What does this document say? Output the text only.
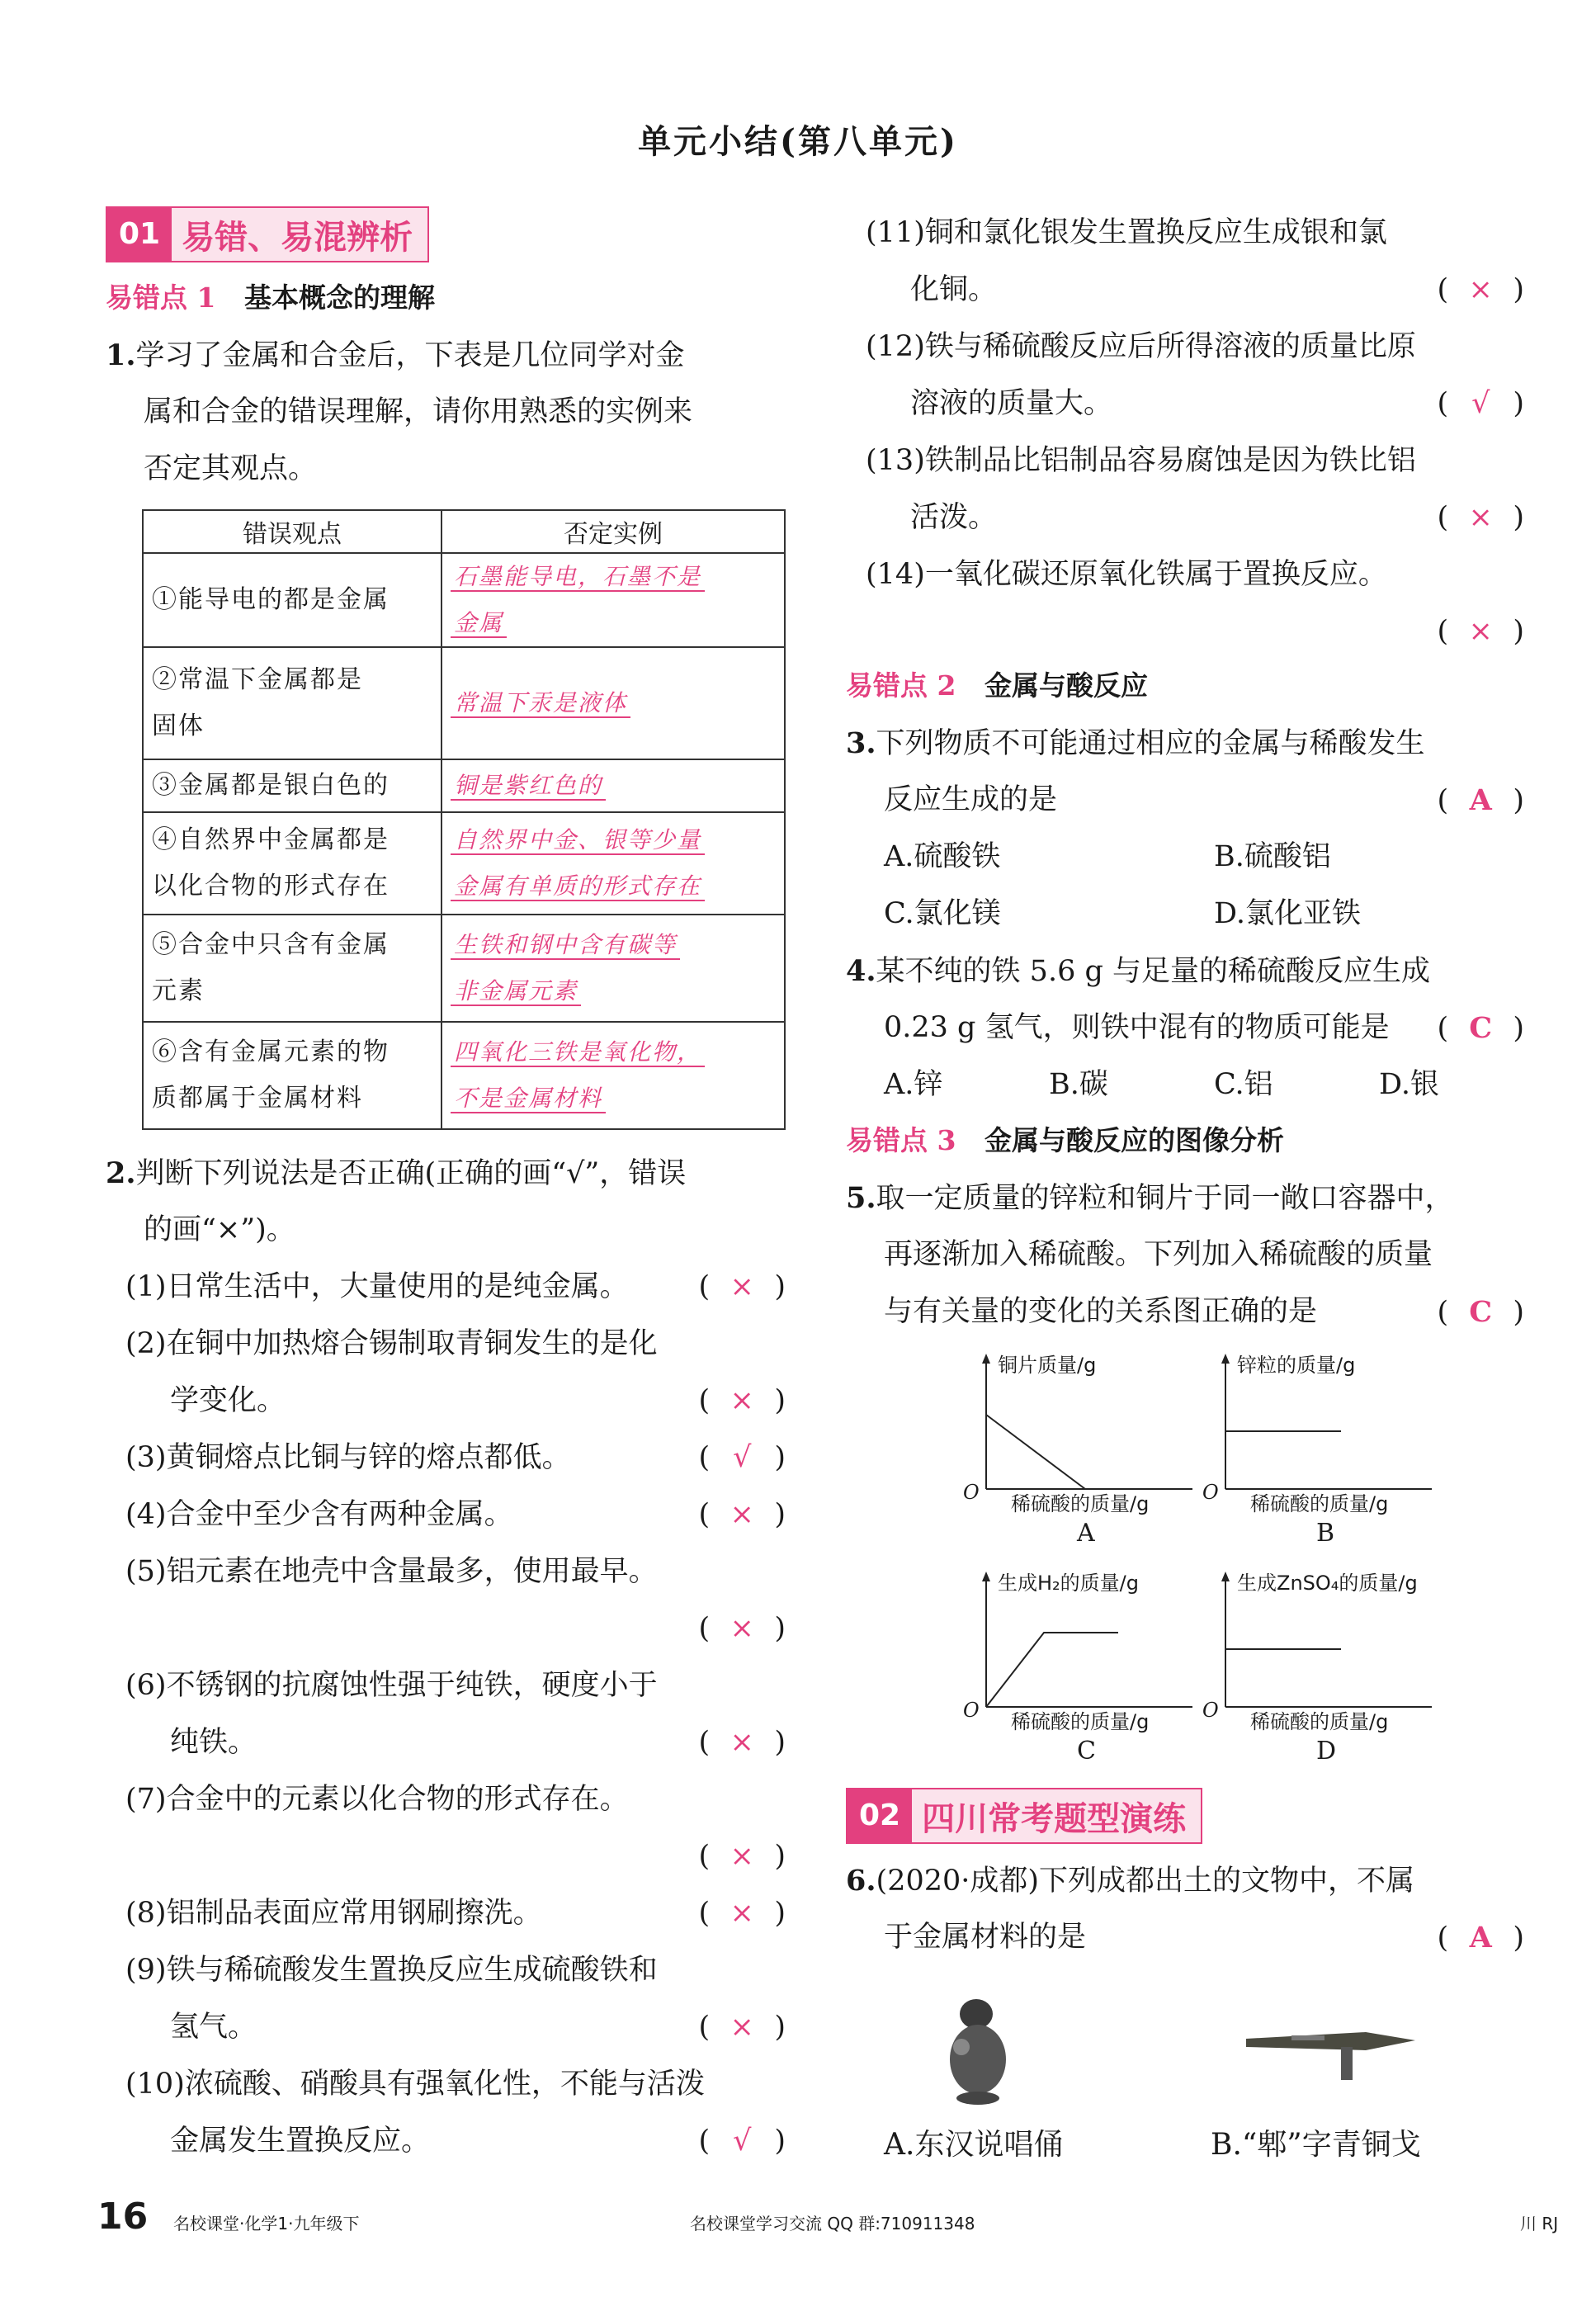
单元小结(第八单元)
01 易错、易混辨析
易错点 1 基本概念的理解
1.学习了金属和合金后，下表是几位同学对金
属和合金的错误理解，请你用熟悉的实例来
否定其观点。
错误观点	否定实例
①能导电的都是金属	石墨能导电，石墨不是
金属
②常温下金属都是
固体	常温下汞是液体
③金属都是银白色的	铜是紫红色的
④自然界中金属都是
以化合物的形式存在	自然界中金、银等少量
金属有单质的形式存在
⑤合金中只含有金属
元素	生铁和钢中含有碳等
非金属元素
⑥含有金属元素的物
质都属于金属材料	四氧化三铁是氧化物，
不是金属材料
2.判断下列说法是否正确(正确的画“√”，错误
的画“×”)。
(1)日常生活中，大量使用的是纯金属。 ( × )
(2)在铜中加热熔合锡制取青铜发生的是化
学变化。	( × )
(3)黄铜熔点比铜与锌的熔点都低。	( √ )
(4)合金中至少含有两种金属。	( × )
(5)铝元素在地壳中含量最多，使用最早。
( × )
(6)不锈钢的抗腐蚀性强于纯铁，硬度小于
纯铁。	( × )
(7)合金中的元素以化合物的形式存在。
( × )
(8)铝制品表面应常用钢刷擦洗。	( × )
(9)铁与稀硫酸发生置换反应生成硫酸铁和
氢气。	( × )
(10)浓硫酸、硝酸具有强氧化性，不能与活泼
金属发生置换反应。	( √ )
(11)铜和氯化银发生置换反应生成银和氯
化铜。	( × )
(12)铁与稀硫酸反应后所得溶液的质量比原
溶液的质量大。	( √ )
(13)铁制品比铝制品容易腐蚀是因为铁比铝
活泼。	( × )
(14)一氧化碳还原氧化铁属于置换反应。
( × )
易错点 2 金属与酸反应
3.下列物质不可能通过相应的金属与稀酸发生
反应生成的是	( A )
A.硫酸铁	B.硫酸铝
C.氯化镁	D.氯化亚铁
4.某不纯的铁 5.6 g 与足量的稀硫酸反应生成
0.23 g 氢气，则铁中混有的物质可能是 ( C )
A.锌	B.碳	C.铝	D.银
易错点 3 金属与酸反应的图像分析
5.取一定质量的锌粒和铜片于同一敞口容器中，
再逐渐加入稀硫酸。下列加入稀硫酸的质量
与有关量的变化的关系图正确的是	( C )
铜片质量/g
稀硫酸的质量/g
O
A
锌粒的质量/g
稀硫酸的质量/g
O
B
生成H₂的质量/g
稀硫酸的质量/g
O
C
生成ZnSO₄的质量/g
稀硫酸的质量/g
O
D
02 四川常考题型演练
6.(2020·成都)下列成都出土的文物中，不属
于金属材料的是	( A )
A.东汉说唱俑	B.“郫”字青铜戈
16 名校课堂·化学1·九年级下	名校课堂学习交流 QQ 群:710911348	川 RJ
